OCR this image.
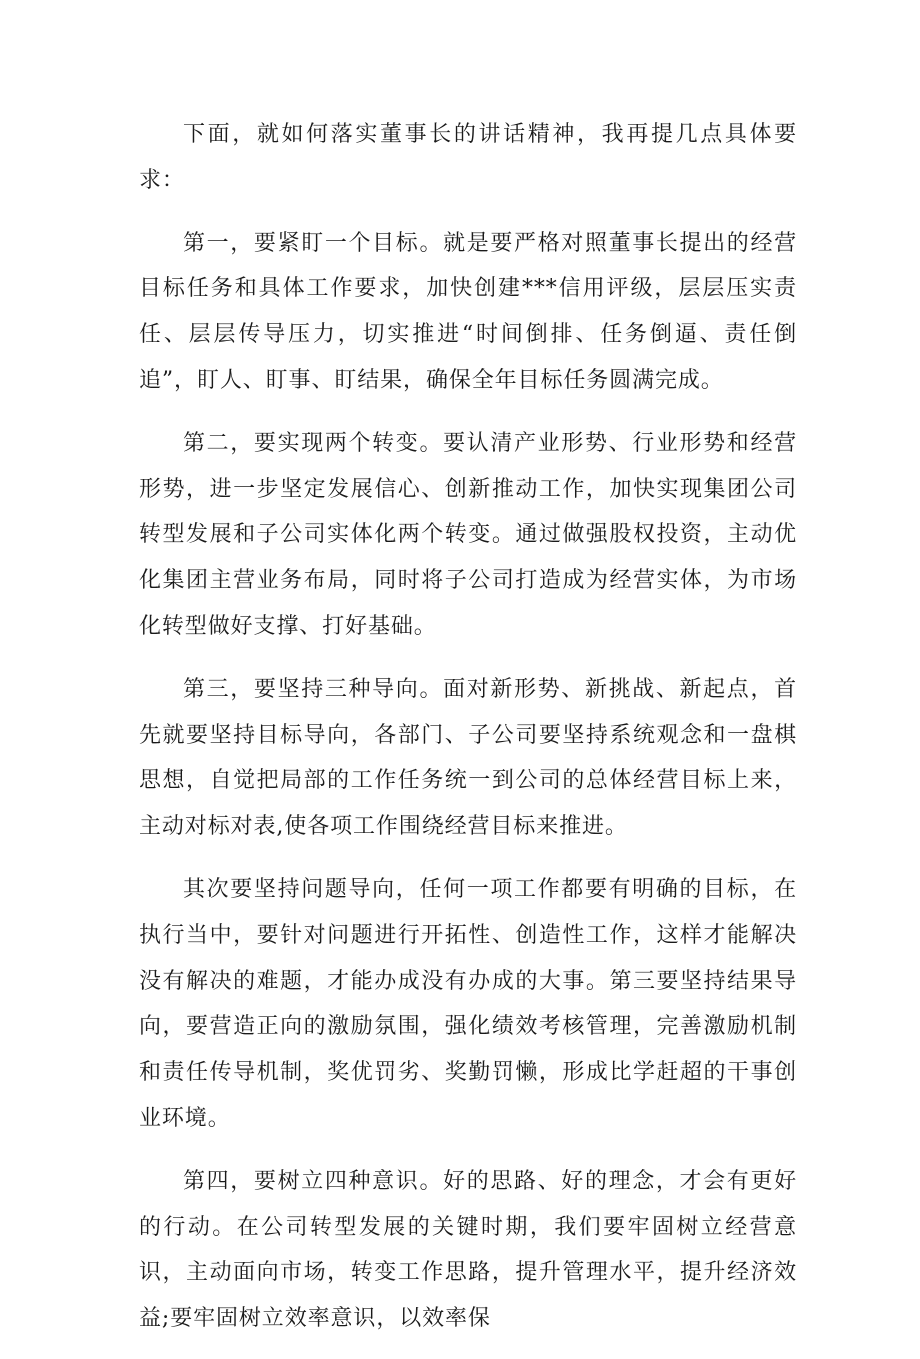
下面，就如何落实董事长的讲话精神，我再提几点具体要求：

第一，要紧盯一个目标。就是要严格对照董事长提出的经营目标任务和具体工作要求，加快创建***信用评级，层层压实责任、层层传导压力，切实推进“时间倒排、任务倒逼、责任倒追”，盯人、盯事、盯结果，确保全年目标任务圆满完成。

第二，要实现两个转变。要认清产业形势、行业形势和经营形势，进一步坚定发展信心、创新推动工作，加快实现集团公司转型发展和子公司实体化两个转变。通过做强股权投资，主动优化集团主营业务布局，同时将子公司打造成为经营实体，为市场化转型做好支撑、打好基础。

第三，要坚持三种导向。面对新形势、新挑战、新起点，首先就要坚持目标导向，各部门、子公司要坚持系统观念和一盘棋思想，自觉把局部的工作任务统一到公司的总体经营目标上来，主动对标对表,使各项工作围绕经营目标来推进。

其次要坚持问题导向，任何一项工作都要有明确的目标，在执行当中，要针对问题进行开拓性、创造性工作，这样才能解决没有解决的难题，才能办成没有办成的大事。第三要坚持结果导向，要营造正向的激励氛围，强化绩效考核管理，完善激励机制和责任传导机制，奖优罚劣、奖勤罚懒，形成比学赶超的干事创业环境。

第四，要树立四种意识。好的思路、好的理念，才会有更好的行动。在公司转型发展的关键时期，我们要牢固树立经营意识，主动面向市场，转变工作思路，提升管理水平，提升经济效益;要牢固树立效率意识，以效率保
